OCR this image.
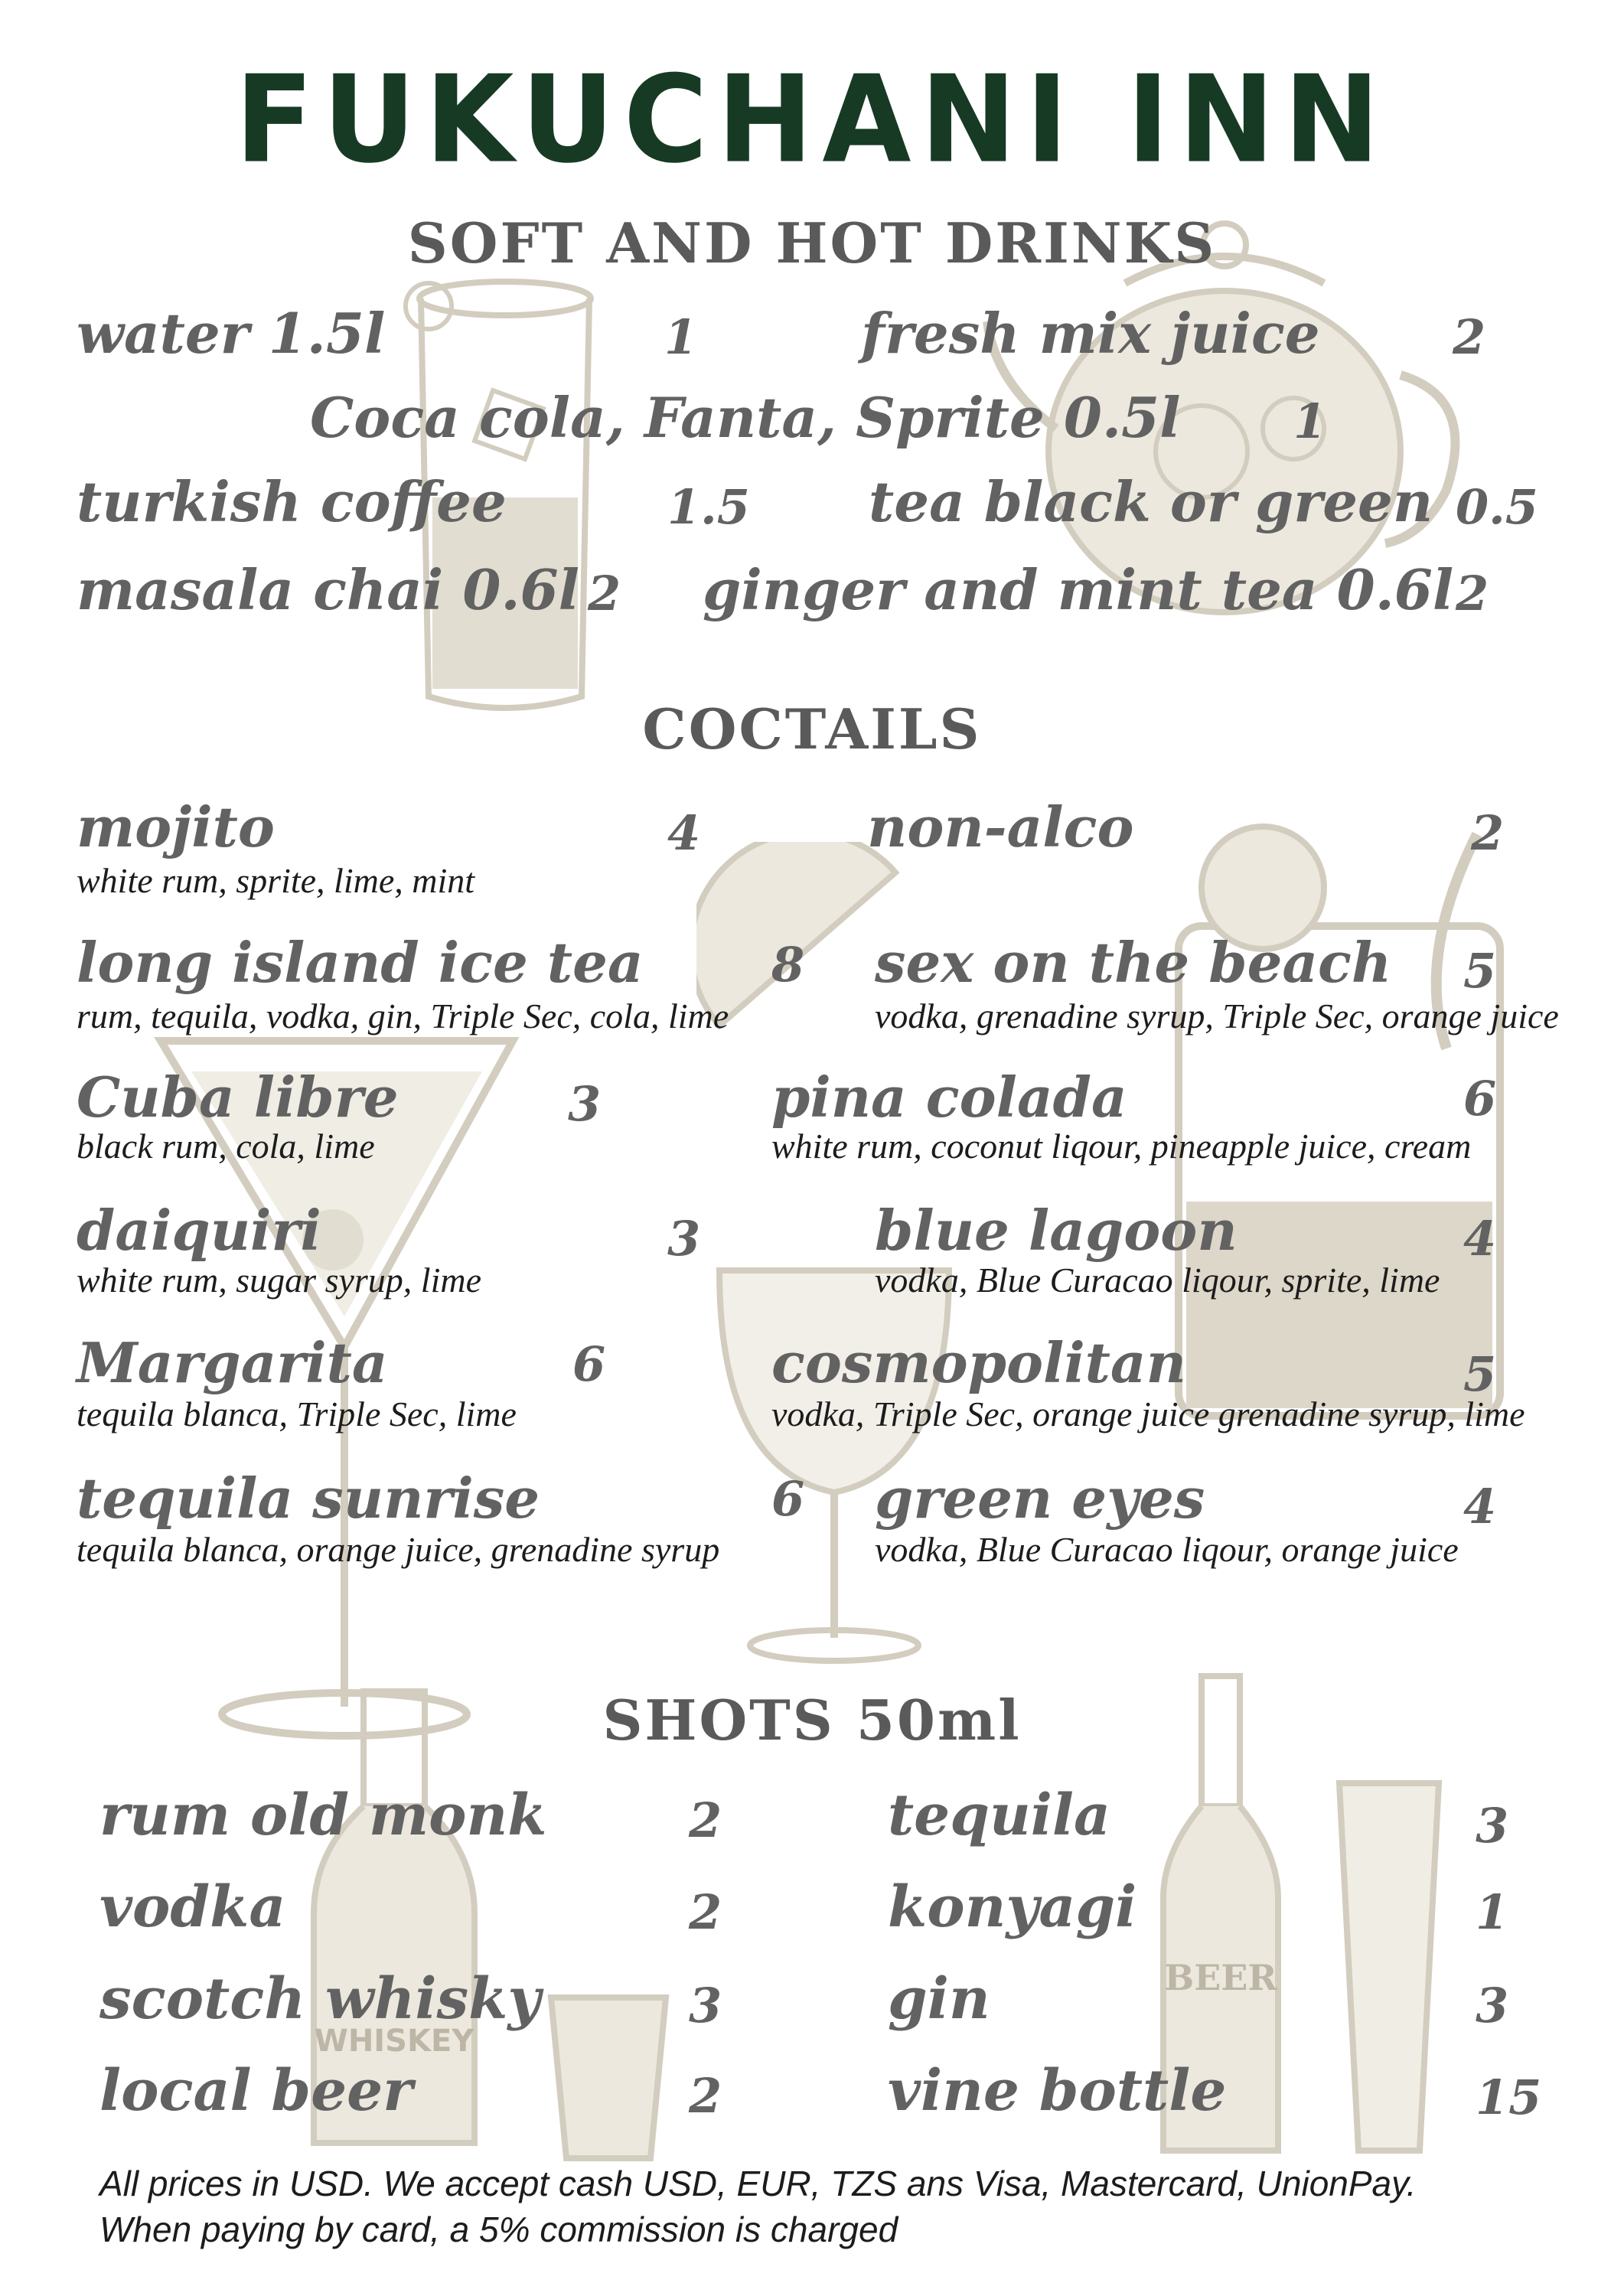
WHISKEY
BEER
FUKUCHANI INN
SOFT AND HOT DRINKS
water 1.5l	1	fresh mix juice	2
Coca cola, Fanta, Sprite 0.5l 1
turkish coffee	1.5 tea black or green 0.5
masala chai 0.6l 2 ginger and mint tea 0.6l 2
COCTAILS
mojito	4
white rum, sprite, lime, mint
non-alco	2
long island ice tea	8
rum, tequila, vodka, gin, Triple Sec, cola, lime
sex on the beach 5
vodka, grenadine syrup, Triple Sec, orange juice
Cuba libre	3
black rum, cola, lime
pina colada	6
white rum, coconut liqour, pineapple juice, cream
daiquiri	3
white rum, sugar syrup, lime
blue lagoon	4
vodka, Blue Curacao liqour, sprite, lime
Margarita	6
tequila blanca, Triple Sec, lime
cosmopolitan	5
vodka, Triple Sec, orange juice grenadine syrup, lime
tequila sunrise	6
tequila blanca, orange juice, grenadine syrup
green eyes	4
vodka, Blue Curacao liqour, orange juice
SHOTS 50ml
rum old monk	2	tequila	3
vodka	2	konyagi	1
scotch whisky	3	gin	3
local beer	2	vine bottle	15
All prices in USD. We accept cash USD, EUR, TZS ans Visa, Mastercard, UnionPay.
When paying by card, a 5% commission is charged
